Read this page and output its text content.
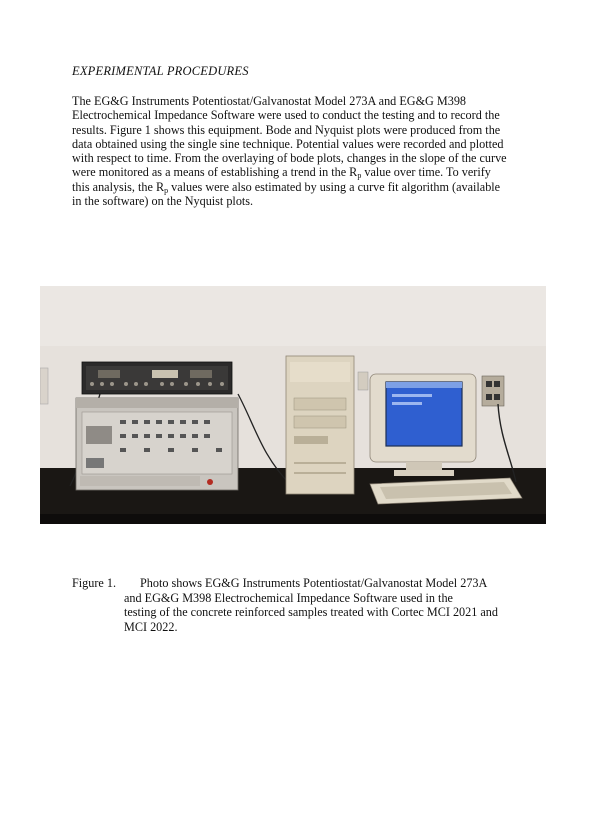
EXPERIMENTAL PROCEDURES
The EG&G Instruments Potentiostat/Galvanostat Model 273A and EG&G M398
Electrochemical Impedance Software were used to conduct the testing and to record the
results. Figure 1 shows this equipment. Bode and Nyquist plots were produced from the
data obtained using the single sine technique. Potential values were recorded and plotted
with respect to time. From the overlaying of bode plots, changes in the slope of the curve
were monitored as a means of establishing a trend in the $R_p$ value over time. To verify
this analysis, the $R_p$ values were also estimated by using a curve fit algorithm (available
in the software) on the Nyquist plots.
Figure 1. Photo shows EG&G Instruments Potentiostat/Galvanostat Model 273A
and EG&G M398 Electrochemical Impedance Software used in the
testing of the concrete reinforced samples treated with Cortec MCI 2021 and
MCI 2022.
